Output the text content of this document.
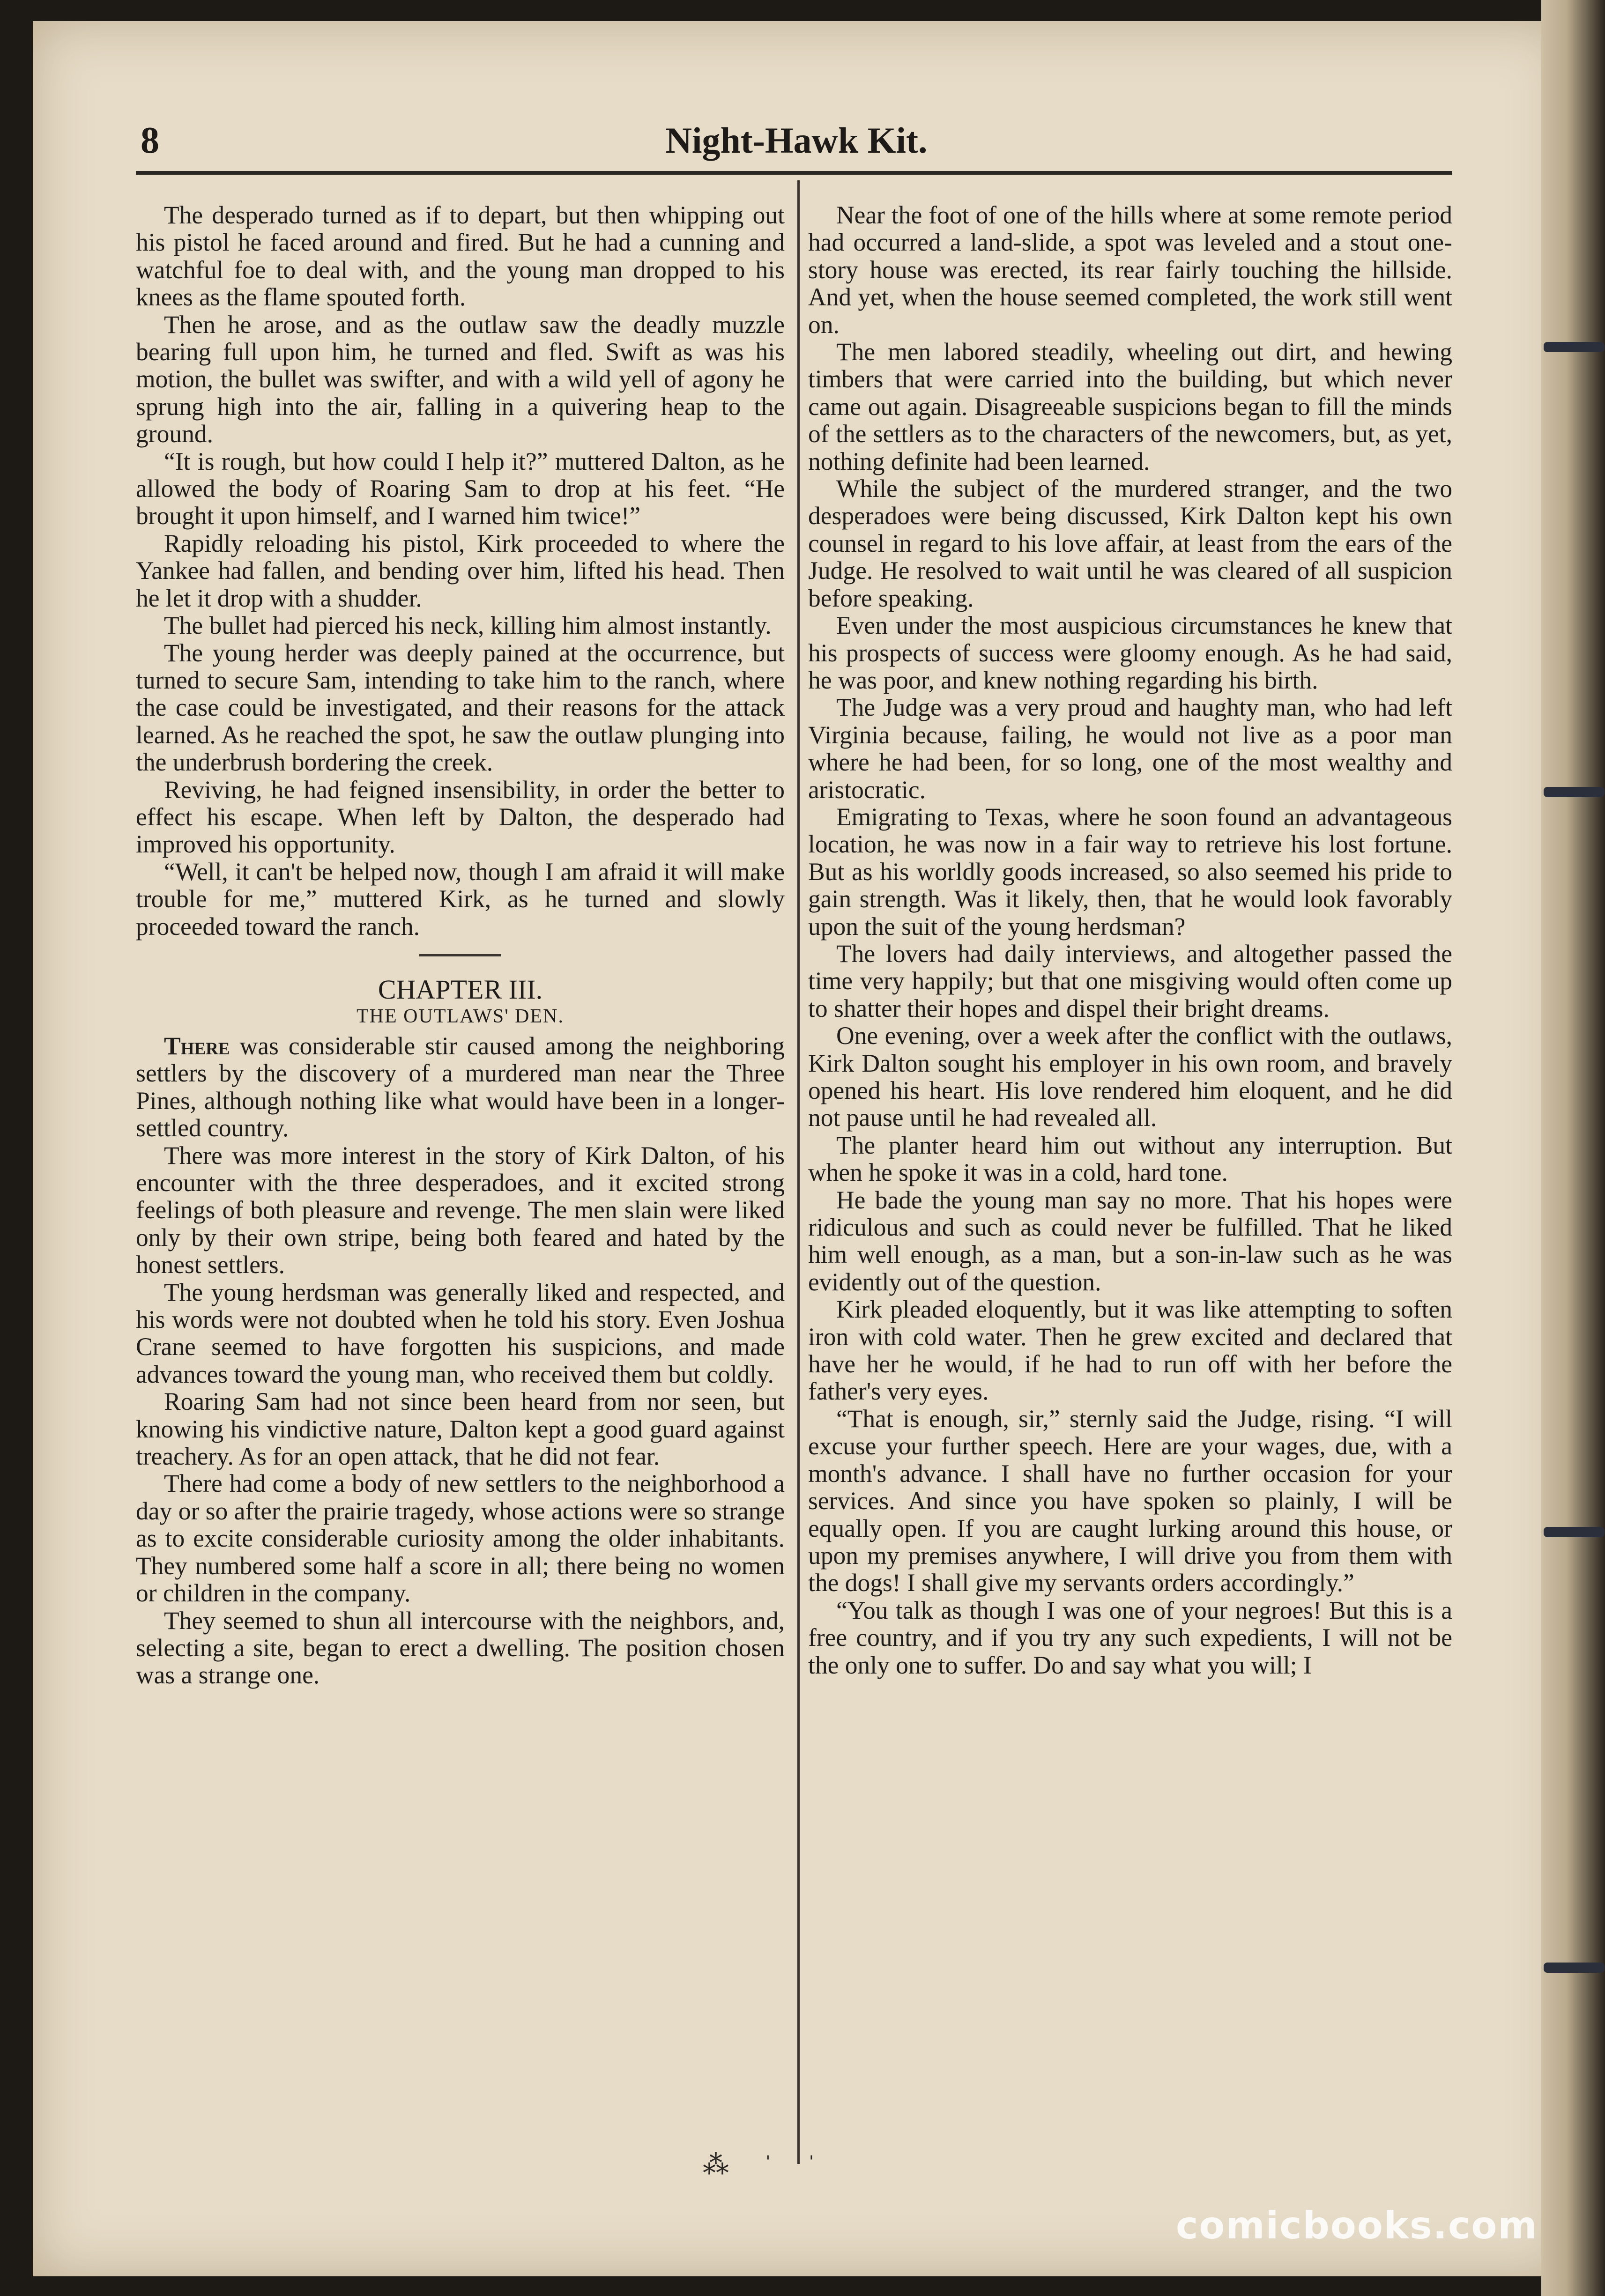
8	Night-Hawk Kit.

The desperado turned as if to depart, but then whipping out his pistol he faced around and fired. But he had a cunning and watchful foe to deal with, and the young man dropped to his knees as the flame spouted forth.

Then he arose, and as the outlaw saw the deadly muzzle bearing full upon him, he turned and fled. Swift as was his motion, the bullet was swifter, and with a wild yell of agony he sprung high into the air, falling in a quivering heap to the ground.

“It is rough, but how could I help it?” muttered Dalton, as he allowed the body of Roaring Sam to drop at his feet. “He brought it upon himself, and I warned him twice!”

Rapidly reloading his pistol, Kirk proceeded to where the Yankee had fallen, and bending over him, lifted his head. Then he let it drop with a shudder.

The bullet had pierced his neck, killing him almost instantly.

The young herder was deeply pained at the occurrence, but turned to secure Sam, intending to take him to the ranch, where the case could be investigated, and their reasons for the attack learned. As he reached the spot, he saw the outlaw plunging into the underbrush bordering the creek.

Reviving, he had feigned insensibility, in order the better to effect his escape. When left by Dalton, the desperado had improved his opportunity.

“Well, it can't be helped now, though I am afraid it will make trouble for me,” muttered Kirk, as he turned and slowly proceeded toward the ranch.

CHAPTER III.
THE OUTLAWS' DEN.

There was considerable stir caused among the neighboring settlers by the discovery of a murdered man near the Three Pines, although nothing like what would have been in a longer-settled country.

There was more interest in the story of Kirk Dalton, of his encounter with the three desperadoes, and it excited strong feelings of both pleasure and revenge. The men slain were liked only by their own stripe, being both feared and hated by the honest settlers.

The young herdsman was generally liked and respected, and his words were not doubted when he told his story. Even Joshua Crane seemed to have forgotten his suspicions, and made advances toward the young man, who received them but coldly.

Roaring Sam had not since been heard from nor seen, but knowing his vindictive nature, Dalton kept a good guard against treachery. As for an open attack, that he did not fear.

There had come a body of new settlers to the neighborhood a day or so after the prairie tragedy, whose actions were so strange as to excite considerable curiosity among the older inhabitants. They numbered some half a score in all; there being no women or children in the company.

They seemed to shun all intercourse with the neighbors, and, selecting a site, began to erect a dwelling. The position chosen was a strange one.

Near the foot of one of the hills where at some remote period had occurred a land-slide, a spot was leveled and a stout one-story house was erected, its rear fairly touching the hillside. And yet, when the house seemed completed, the work still went on.

The men labored steadily, wheeling out dirt, and hewing timbers that were carried into the building, but which never came out again. Disagreeable suspicions began to fill the minds of the settlers as to the characters of the newcomers, but, as yet, nothing definite had been learned.

While the subject of the murdered stranger, and the two desperadoes were being discussed, Kirk Dalton kept his own counsel in regard to his love affair, at least from the ears of the Judge. He resolved to wait until he was cleared of all suspicion before speaking.

Even under the most auspicious circumstances he knew that his prospects of success were gloomy enough. As he had said, he was poor, and knew nothing regarding his birth.

The Judge was a very proud and haughty man, who had left Virginia because, failing, he would not live as a poor man where he had been, for so long, one of the most wealthy and aristocratic.

Emigrating to Texas, where he soon found an advantageous location, he was now in a fair way to retrieve his lost fortune. But as his worldly goods increased, so also seemed his pride to gain strength. Was it likely, then, that he would look favorably upon the suit of the young herdsman?

The lovers had daily interviews, and altogether passed the time very happily; but that one misgiving would often come up to shatter their hopes and dispel their bright dreams.

One evening, over a week after the conflict with the outlaws, Kirk Dalton sought his employer in his own room, and bravely opened his heart. His love rendered him eloquent, and he did not pause until he had revealed all.

The planter heard him out without any interruption. But when he spoke it was in a cold, hard tone.

He bade the young man say no more. That his hopes were ridiculous and such as could never be fulfilled. That he liked him well enough, as a man, but a son-in-law such as he was evidently out of the question.

Kirk pleaded eloquently, but it was like attempting to soften iron with cold water. Then he grew excited and declared that have her he would, if he had to run off with her before the father's very eyes.

“That is enough, sir,” sternly said the Judge, rising. “I will excuse your further speech. Here are your wages, due, with a month's advance. I shall have no further occasion for your services. And since you have spoken so plainly, I will be equally open. If you are caught lurking around this house, or upon my premises anywhere, I will drive you from them with the dogs! I shall give my servants orders accordingly.”

“You talk as though I was one of your negroes! But this is a free country, and if you try any such expedients, I will not be the only one to suffer. Do and say what you will; I

⁂ ˈ ˈ
comicbooks.com
